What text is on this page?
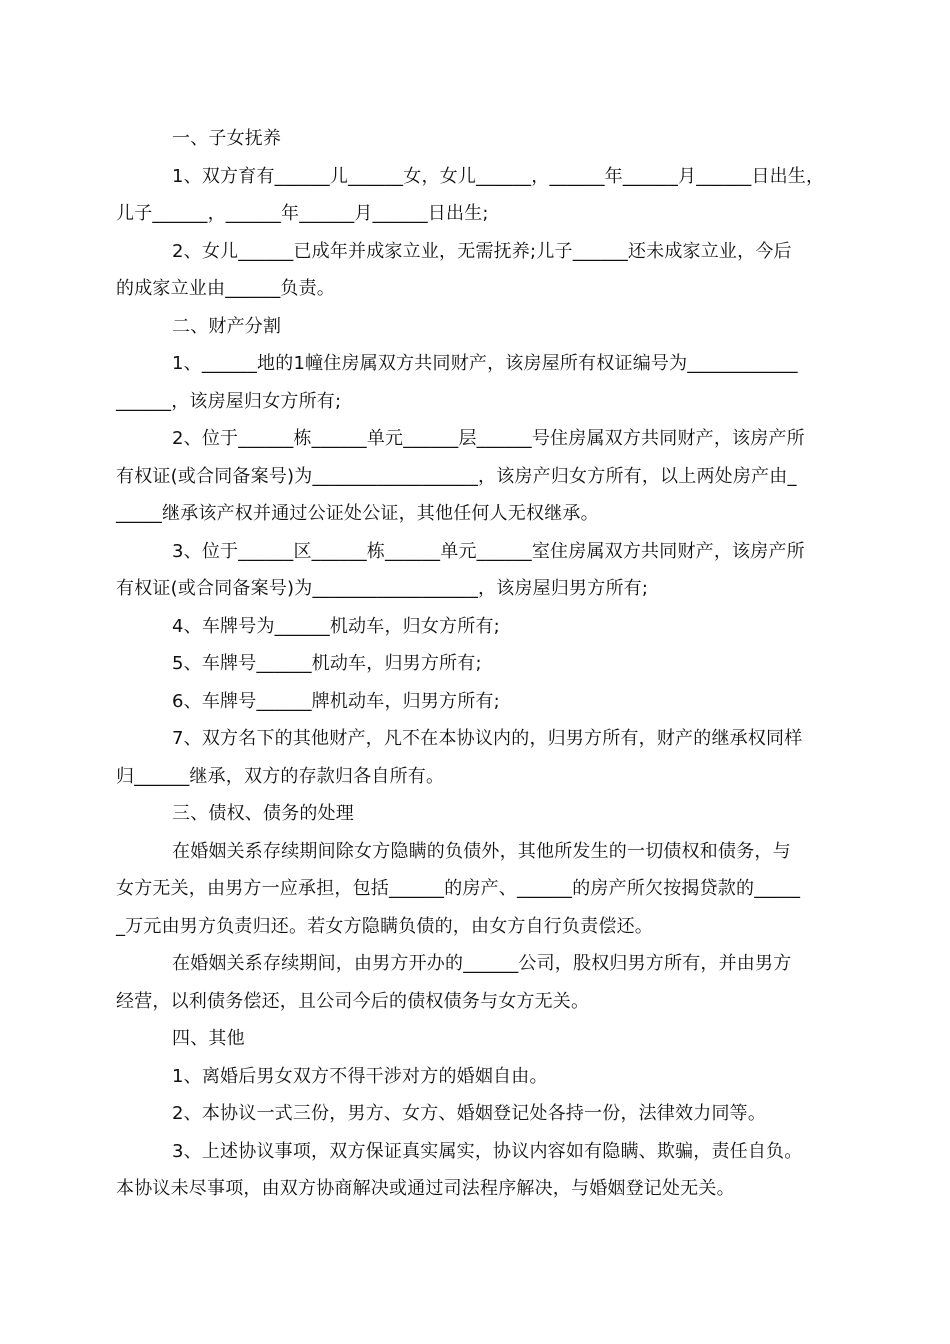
一、子女抚养
1、双方育有______儿______女，女儿______，______年______月______日出生，
儿子______，______年______月______日出生;
2、女儿______已成年并成家立业，无需抚养;儿子______还未成家立业，今后
的成家立业由______负责。
二、财产分割
1、______地的1幢住房属双方共同财产，该房屋所有权证编号为____________
______，该房屋归女方所有;
2、位于______栋______单元______层______号住房属双方共同财产，该房产所
有权证(或合同备案号)为__________________，该房产归女方所有，以上两处房产由_
_____继承该产权并通过公证处公证，其他任何人无权继承。
3、位于______区______栋______单元______室住房属双方共同财产，该房产所
有权证(或合同备案号)为__________________，该房屋归男方所有;
4、车牌号为______机动车，归女方所有;
5、车牌号______机动车，归男方所有;
6、车牌号______牌机动车，归男方所有;
7、双方名下的其他财产，凡不在本协议内的，归男方所有，财产的继承权同样
归______继承，双方的存款归各自所有。
三、债权、债务的处理
在婚姻关系存续期间除女方隐瞒的负债外，其他所发生的一切债权和债务，与
女方无关，由男方一应承担，包括______的房产、______的房产所欠按揭贷款的_____
_万元由男方负责归还。若女方隐瞒负债的，由女方自行负责偿还。
在婚姻关系存续期间，由男方开办的______公司，股权归男方所有，并由男方
经营，以利债务偿还，且公司今后的债权债务与女方无关。
四、其他
1、离婚后男女双方不得干涉对方的婚姻自由。
2、本协议一式三份，男方、女方、婚姻登记处各持一份，法律效力同等。
3、上述协议事项，双方保证真实属实，协议内容如有隐瞒、欺骗，责任自负。
本协议未尽事项，由双方协商解决或通过司法程序解决，与婚姻登记处无关。
